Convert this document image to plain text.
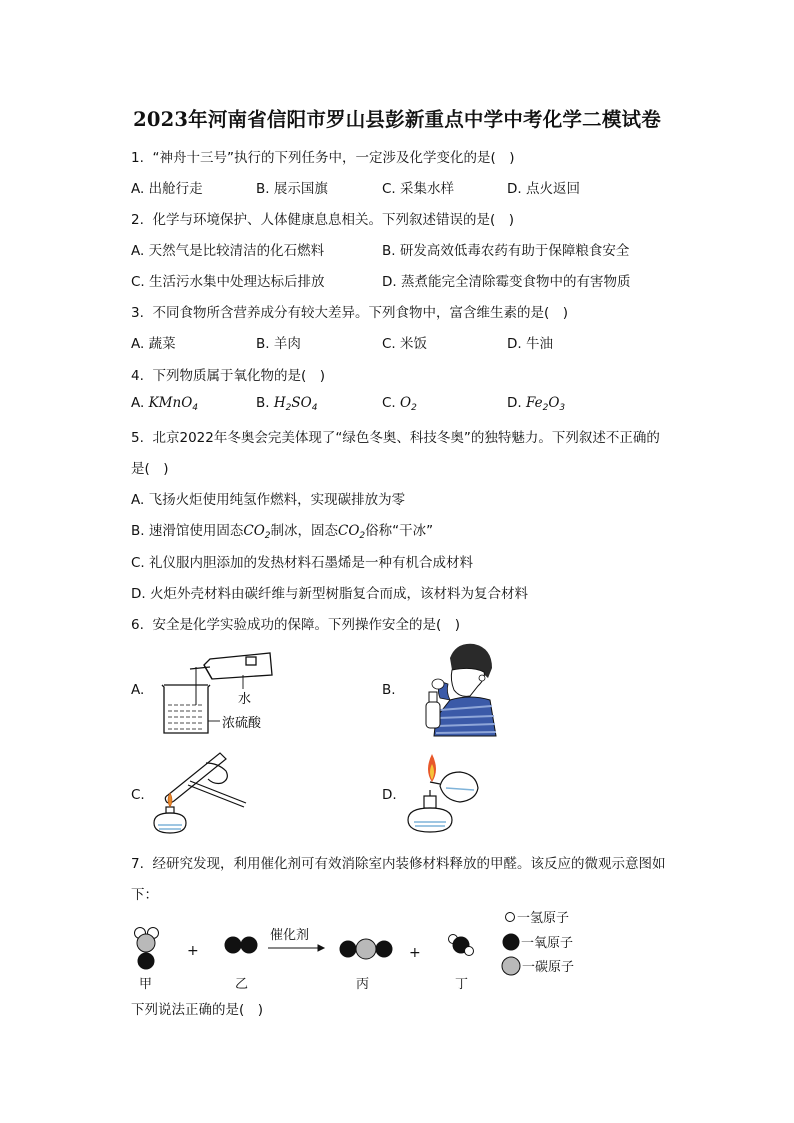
2023年河南省信阳市罗山县彭新重点中学中考化学二模试卷
1. “神舟十三号”执行的下列任务中，一定涉及化学变化的是(　)
A. 出舱行走	B. 展示国旗	C. 采集水样	D. 点火返回
2. 化学与环境保护、人体健康息息相关。下列叙述错误的是(　)
A. 天然气是比较清洁的化石燃料	B. 研发高效低毒农药有助于保障粮食安全
C. 生活污水集中处理达标后排放	D. 蒸煮能完全清除霉变食物中的有害物质
3. 不同食物所含营养成分有较大差异。下列食物中，富含维生素的是(　)
A. 蔬菜	B. 羊肉	C. 米饭	D. 牛油
4. 下列物质属于氧化物的是(　)
A. KMnO$_4$	B. $H_2SO_4$	C. $O_2$	D. $Fe_2O_3$
5. 北京2022年冬奥会完美体现了“绿色冬奥、科技冬奥”的独特魅力。下列叙述不正确的
是(　)
A. 飞扬火炬使用纯氢作燃料，实现碳排放为零
B. 速滑馆使用固态$CO_2$制冰，固态$CO_2$俗称“干冰”
C. 礼仪服内胆添加的发热材料石墨烯是一种有机合成材料
D. 火炬外壳材料由碳纤维与新型树脂复合而成，该材料为复合材料
6. 安全是化学实验成功的保障。下列操作安全的是(　)
A.	B.
C.	D.
水
浓硫酸
7. 经研究发现，利用催化剂可有效消除室内装修材料释放的甲醛。该反应的微观示意图如
下：
+	+
催化剂
甲	乙	丙	丁
一氢原子
一氧原子
一碳原子
下列说法正确的是(　)
